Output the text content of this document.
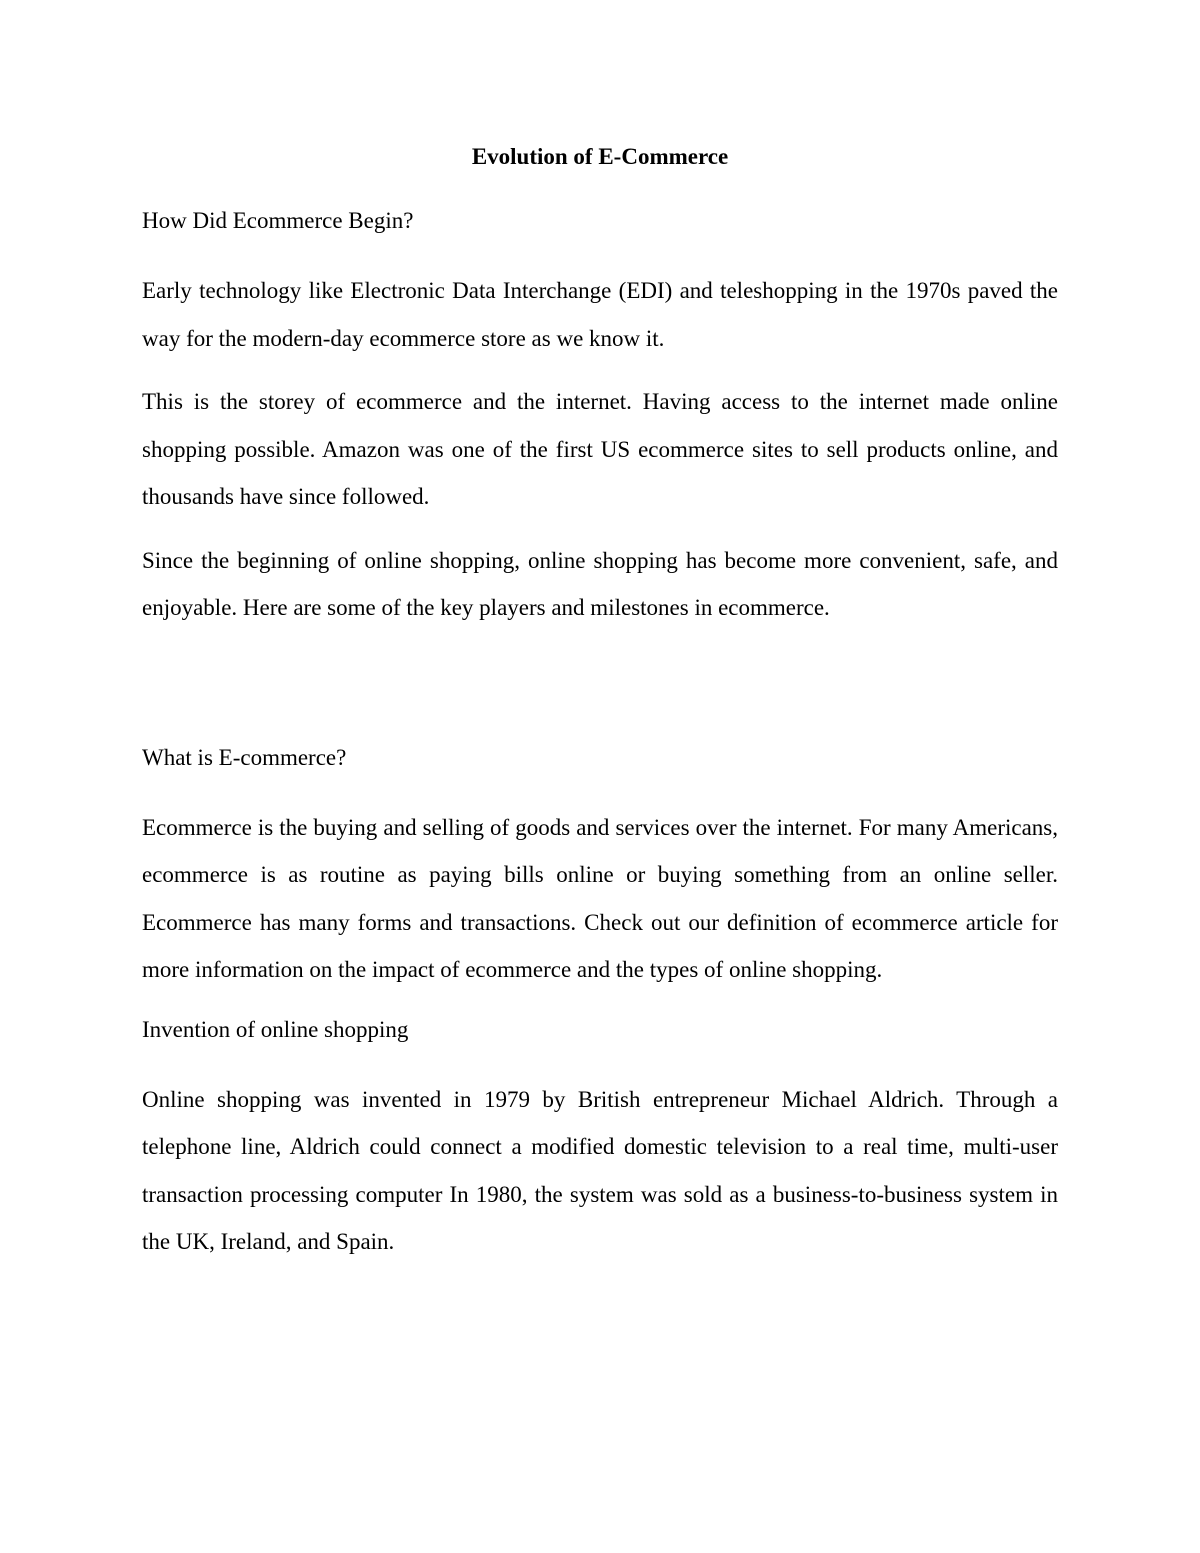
Evolution of E-Commerce
How Did Ecommerce Begin?

Early technology like Electronic Data Interchange (EDI) and teleshopping in the 1970s paved the way for the modern-day ecommerce store as we know it.

This is the storey of ecommerce and the internet. Having access to the internet made online shopping possible. Amazon was one of the first US ecommerce sites to sell products online, and thousands have since followed.

Since the beginning of online shopping, online shopping has become more convenient, safe, and enjoyable. Here are some of the key players and milestones in ecommerce.

What is E-commerce?

Ecommerce is the buying and selling of goods and services over the internet. For many Americans, ecommerce is as routine as paying bills online or buying something from an online seller. Ecommerce has many forms and transactions. Check out our definition of ecommerce article for more information on the impact of ecommerce and the types of online shopping.

Invention of online shopping

Online shopping was invented in 1979 by British entrepreneur Michael Aldrich. Through a telephone line, Aldrich could connect a modified domestic television to a real time, multi-user transaction processing computer In 1980, the system was sold as a business-to-business system in the UK, Ireland, and Spain.
